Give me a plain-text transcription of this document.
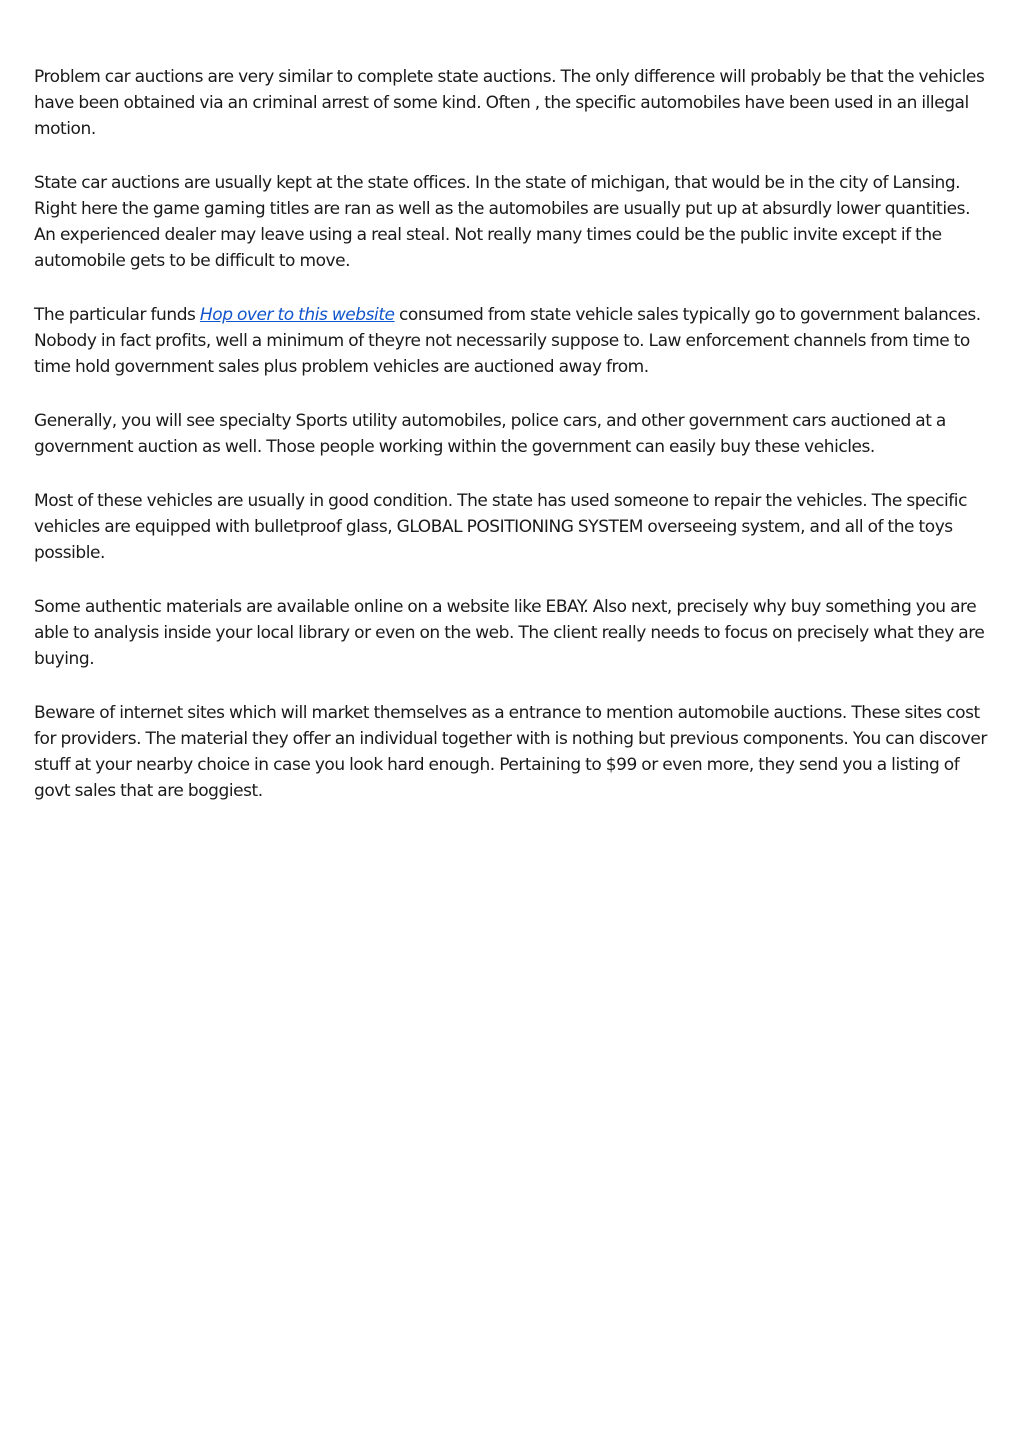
Problem car auctions are very similar to complete state auctions. The only difference will probably be that the vehicles have been obtained via an criminal arrest of some kind. Often , the specific automobiles have been used in an illegal motion.

State car auctions are usually kept at the state offices. In the state of michigan, that would be in the city of Lansing. Right here the game gaming titles are ran as well as the automobiles are usually put up at absurdly lower quantities. An experienced dealer may leave using a real steal. Not really many times could be the public invite except if the automobile gets to be difficult to move.

The particular funds Hop over to this website consumed from state vehicle sales typically go to government balances. Nobody in fact profits, well a minimum of theyre not necessarily suppose to. Law enforcement channels from time to time hold government sales plus problem vehicles are auctioned away from.

Generally, you will see specialty Sports utility automobiles, police cars, and other government cars auctioned at a government auction as well. Those people working within the government can easily buy these vehicles.

Most of these vehicles are usually in good condition. The state has used someone to repair the vehicles. The specific vehicles are equipped with bulletproof glass, GLOBAL POSITIONING SYSTEM overseeing system, and all of the toys possible.

Some authentic materials are available online on a website like EBAY. Also next, precisely why buy something you are able to analysis inside your local library or even on the web. The client really needs to focus on precisely what they are buying.

Beware of internet sites which will market themselves as a entrance to mention automobile auctions. These sites cost for providers. The material they offer an individual together with is nothing but previous components. You can discover stuff at your nearby choice in case you look hard enough. Pertaining to $99 or even more, they send you a listing of govt sales that are boggiest.
